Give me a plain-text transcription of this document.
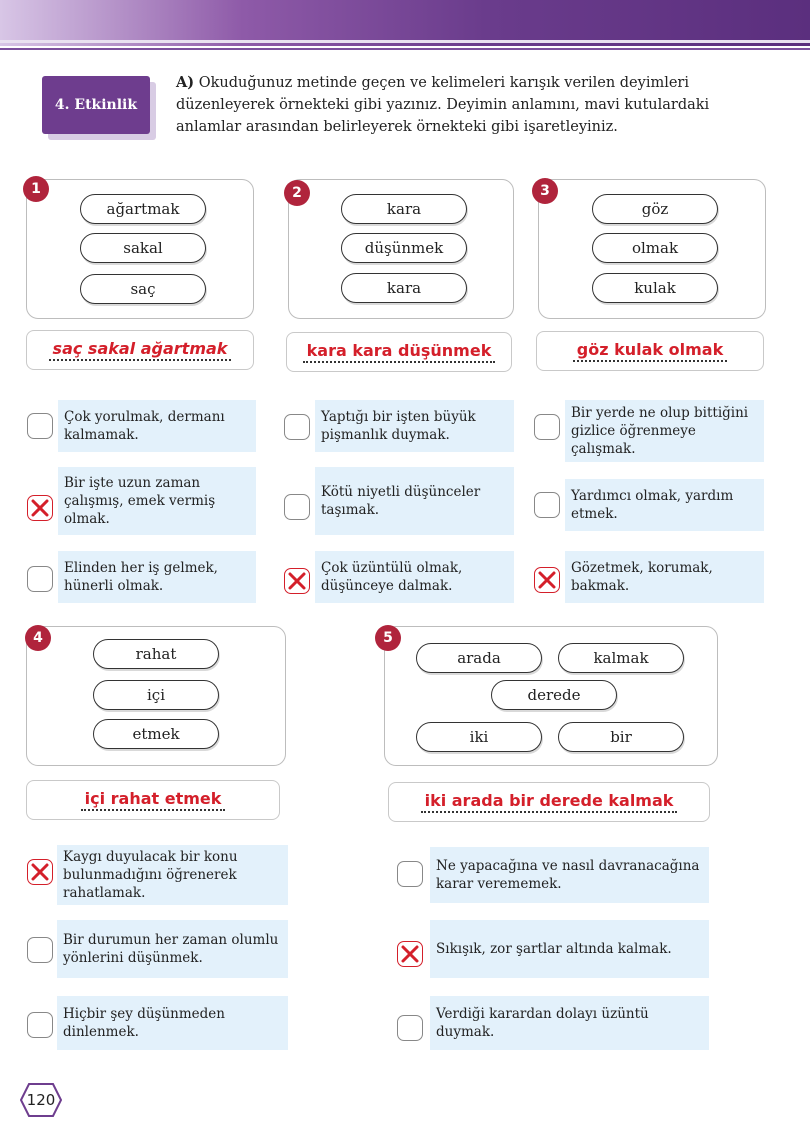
4. Etkinlik
A) Okuduğunuz metinde geçen ve kelimeleri karışık verilen deyimleri düzenleyerek örnekteki gibi yazınız. Deyimin anlamını, mavi kutulardaki anlamlar arasından belirleyerek örnekteki gibi işaretleyiniz.
1
ağartmak
sakal
saç
saç sakal ağartmak
Çok yorulmak, dermanı kalmamak.
Bir işte uzun zaman çalışmış, emek vermiş olmak.
Elinden her iş gelmek, hünerli olmak.
2
kara
düşünmek
kara
kara kara düşünmek
Yaptığı bir işten büyük pişmanlık duymak.
Kötü niyetli düşünceler taşımak.
Çok üzüntülü olmak, düşünceye dalmak.
3
göz
olmak
kulak
göz kulak olmak
Bir yerde ne olup bittiğini gizlice öğrenmeye çalışmak.
Yardımcı olmak, yardım etmek.
Gözetmek, korumak, bakmak.
4
rahat
içi
etmek
içi rahat etmek
Kaygı duyulacak bir konu bulunmadığını öğrenerek rahatlamak.
Bir durumun her zaman olumlu yönlerini düşünmek.
Hiçbir şey düşünmeden dinlenmek.
5
arada	kalmak
derede
iki	bir
iki arada bir derede kalmak
Ne yapacağına ve nasıl davranacağına karar verememek.
Sıkışık, zor şartlar altında kalmak.
Verdiği karardan dolayı üzüntü duymak.
120
